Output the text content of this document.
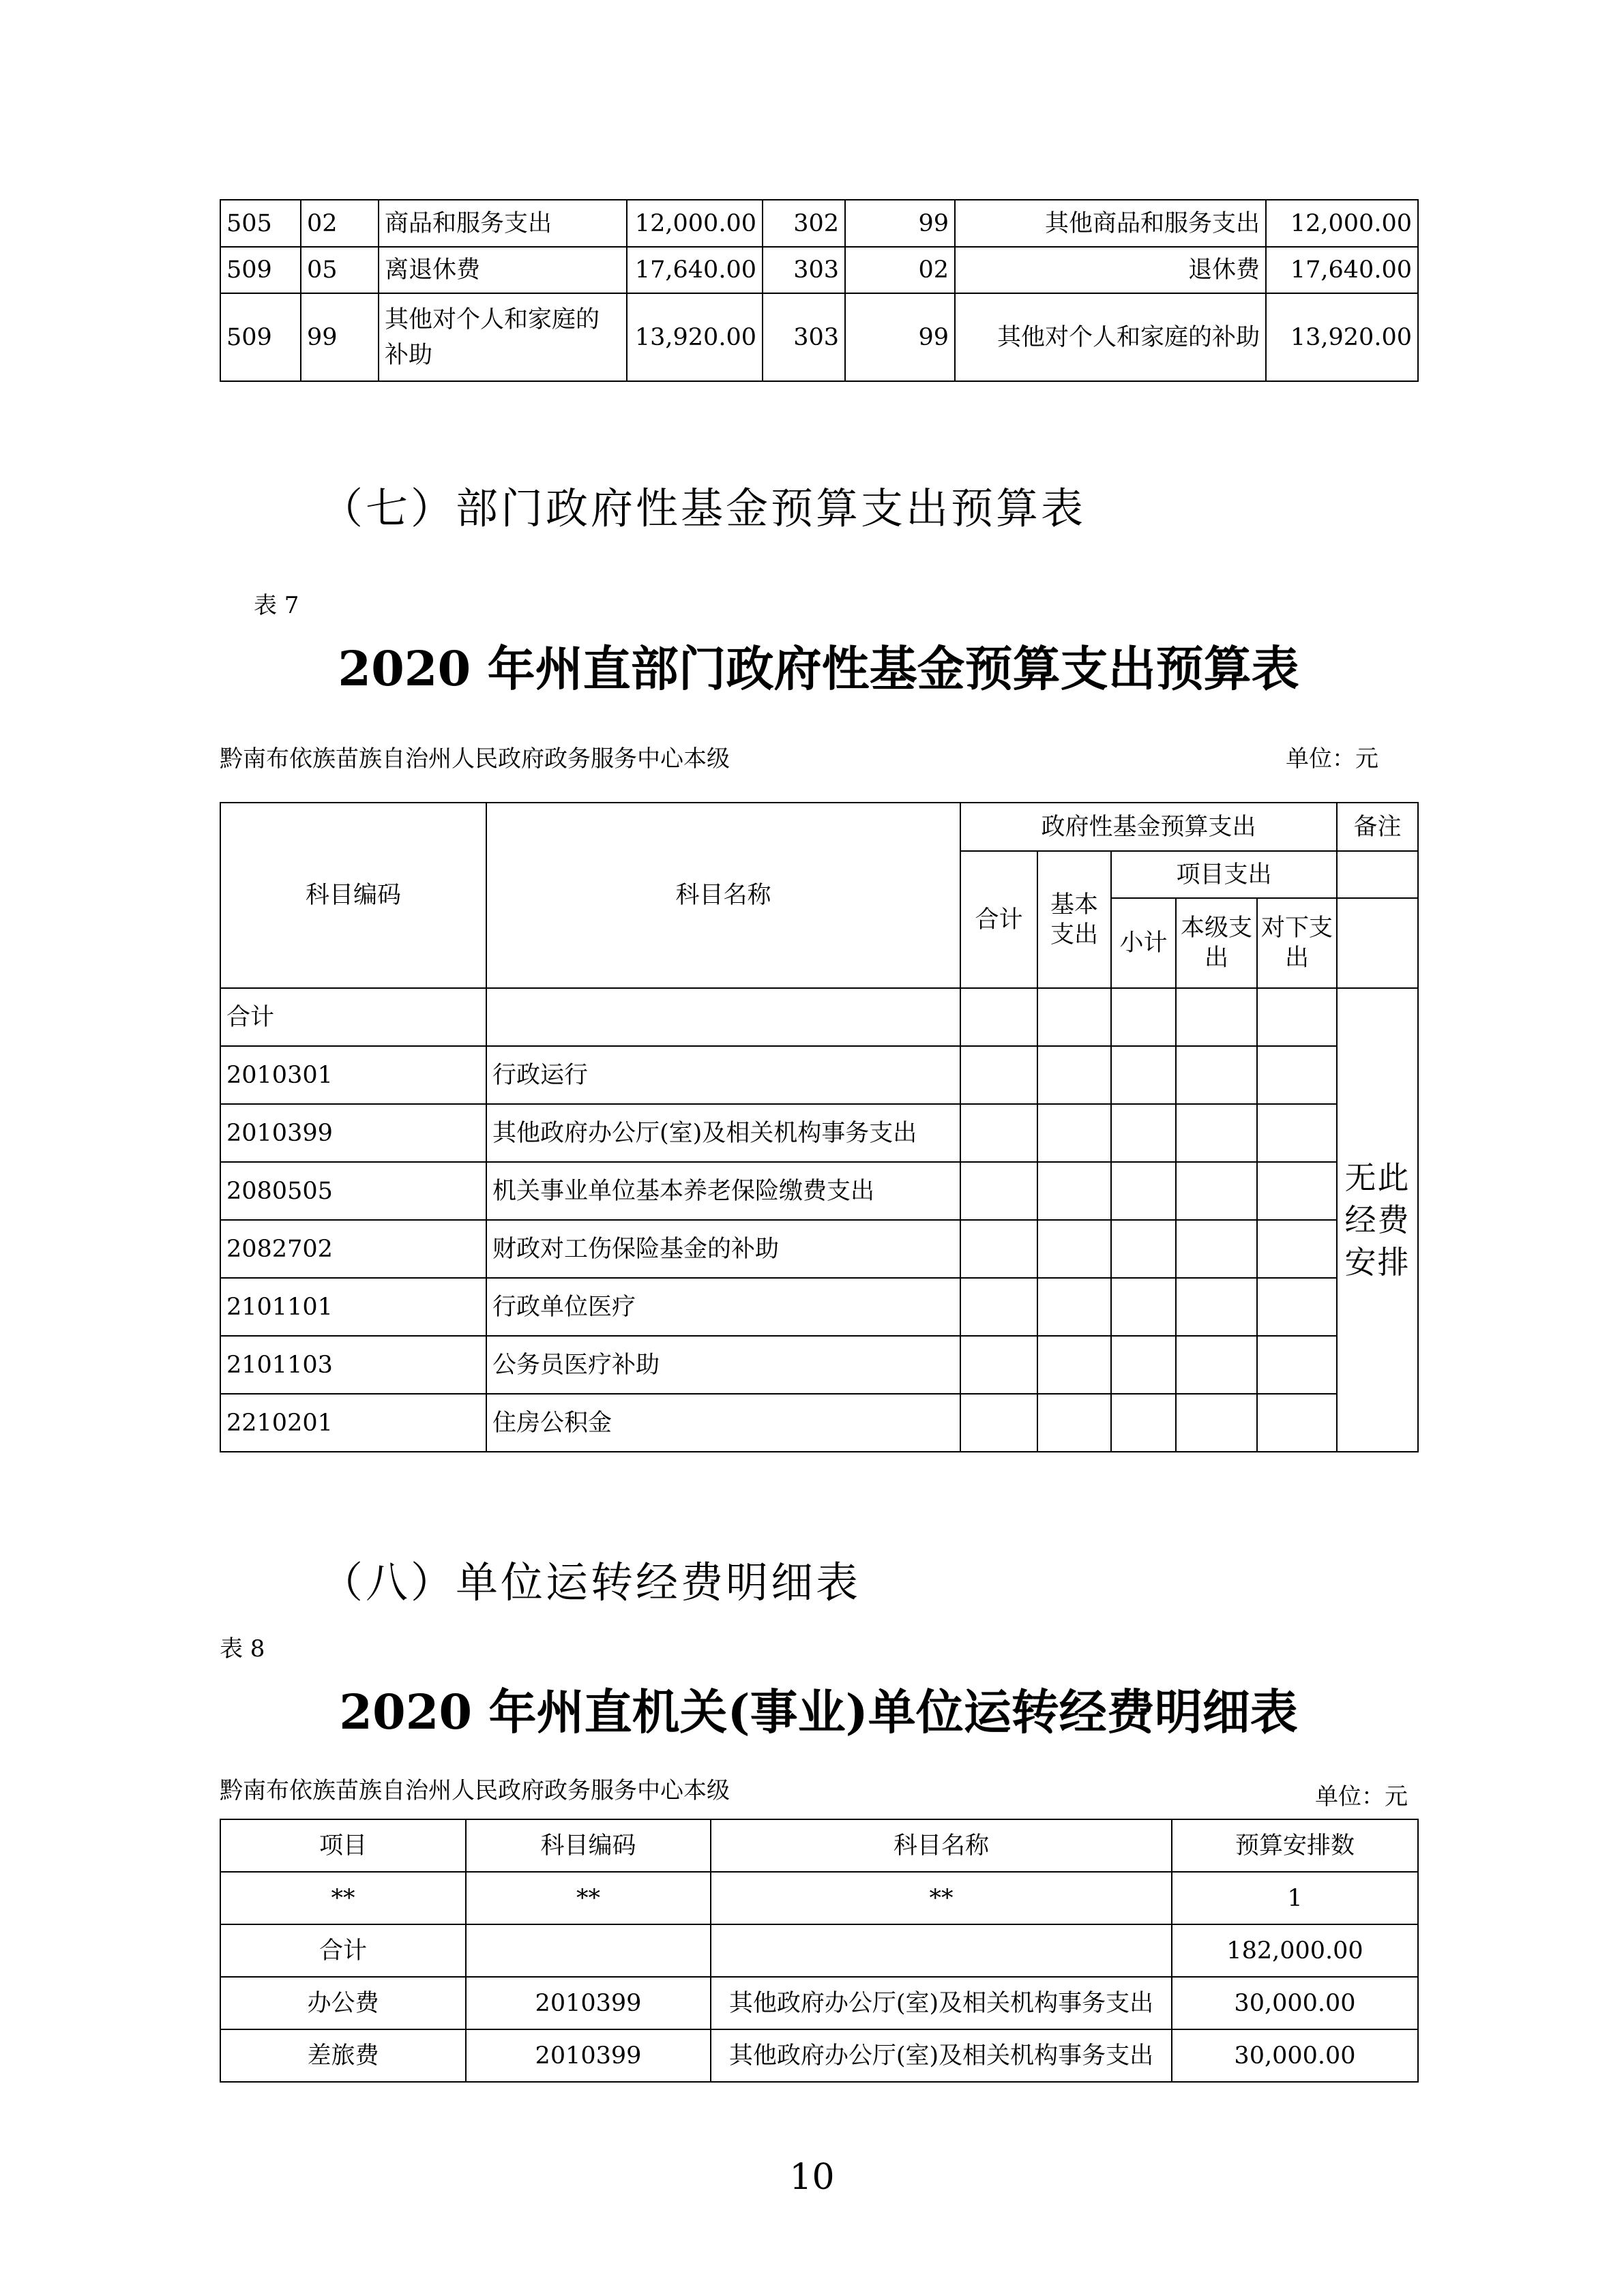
505	02	商品和服务支出	12,000.00	302	99	其他商品和服务支出	12,000.00
509	05	离退休费	17,640.00	303	02	退休费	17,640.00
509	99	其他对个人和家庭的补助	13,920.00	303	99	其他对个人和家庭的补助	13,920.00
（七）部门政府性基金预算支出预算表
表 7
2020 年州直部门政府性基金预算支出预算表
黔南布依族苗族自治州人民政府政务服务中心本级	单位：元
科目编码	科目名称	政府性基金预算支出					备注
		合计	基本支出	项目支出			
				小计	本级支出	对下支出	
合计							无此经费安排
2010301	行政运行						
2010399	其他政府办公厅(室)及相关机构事务支出						
2080505	机关事业单位基本养老保险缴费支出						
2082702	财政对工伤保险基金的补助						
2101101	行政单位医疗						
2101103	公务员医疗补助						
2210201	住房公积金						
（八）单位运转经费明细表
表 8
2020 年州直机关(事业)单位运转经费明细表
黔南布依族苗族自治州人民政府政务服务中心本级	单位：元
项目	科目编码	科目名称	预算安排数
**	**	**	1
合计			182,000.00
办公费	2010399	其他政府办公厅(室)及相关机构事务支出	30,000.00
差旅费	2010399	其他政府办公厅(室)及相关机构事务支出	30,000.00
10
